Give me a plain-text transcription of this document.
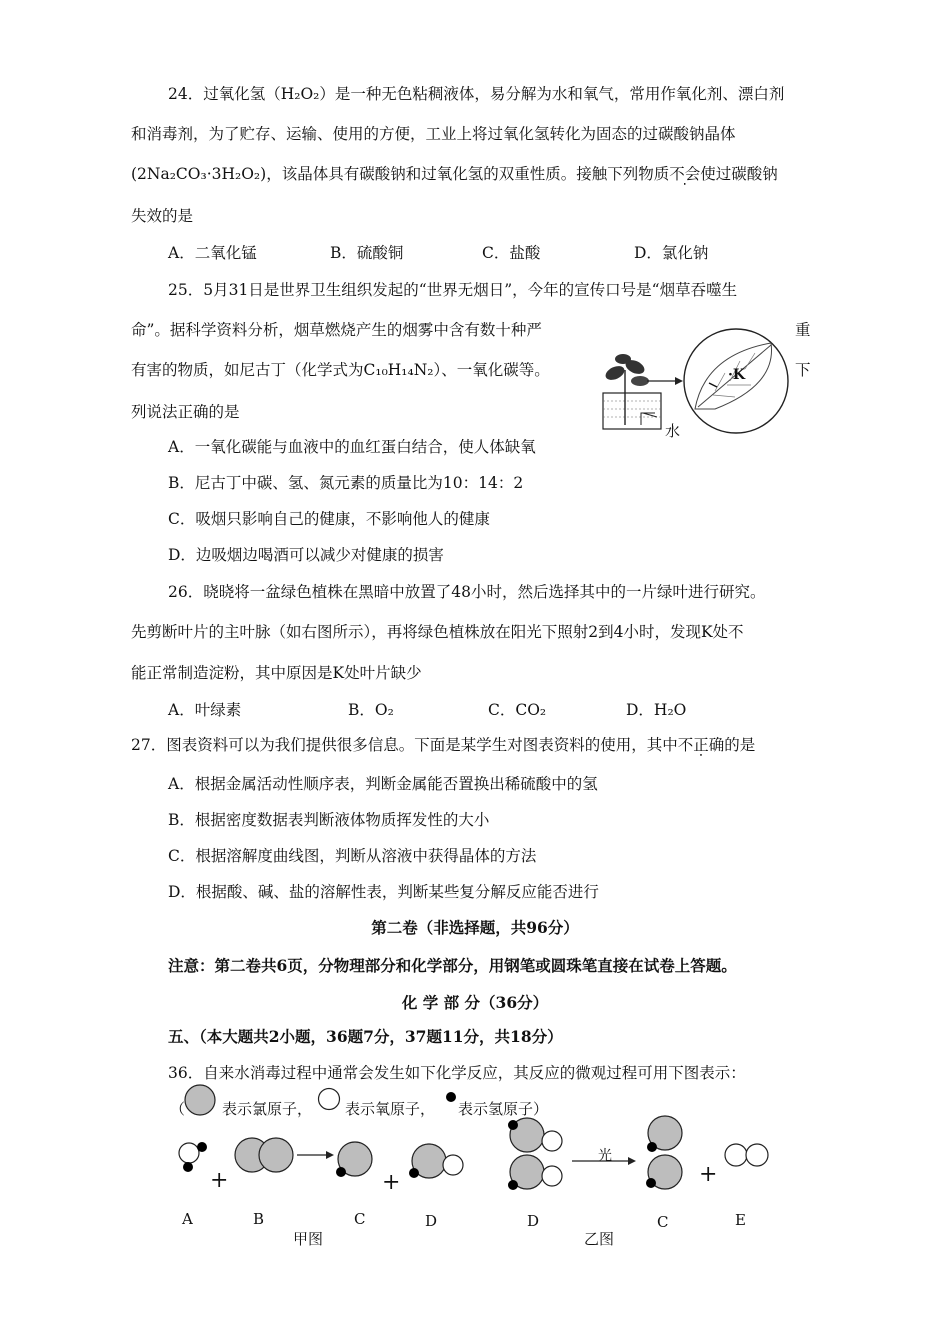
24．过氧化氢（H₂O₂）是一种无色粘稠液体，易分解为水和氧气，常用作氧化剂、漂白剂
和消毒剂，为了贮存、运输、使用的方便，工业上将过氧化氢转化为固态的过碳酸钠晶体
(2Na₂CO₃·3H₂O₂)，该晶体具有碳酸钠和过氧化氢的双重性质。接触下列物质不会使过碳酸钠
失效的是
A．二氧化锰	B．硫酸铜	C．盐酸	D．氯化钠
25．5月31日是世界卫生组织发起的“世界无烟日”，今年的宣传口号是“烟草吞噬生
命”。据科学资料分析，烟草燃烧产生的烟雾中含有数十种严	重
有害的物质，如尼古丁（化学式为C₁₀H₁₄N₂）、一氧化碳等。	下
列说法正确的是
水
·K
A．一氧化碳能与血液中的血红蛋白结合，使人体缺氧
B．尼古丁中碳、氢、氮元素的质量比为10：14：2
C．吸烟只影响自己的健康，不影响他人的健康
D．边吸烟边喝酒可以减少对健康的损害
26．晓晓将一盆绿色植株在黑暗中放置了48小时，然后选择其中的一片绿叶进行研究。
先剪断叶片的主叶脉（如右图所示），再将绿色植株放在阳光下照射2到4小时，发现K处不
能正常制造淀粉，其中原因是K处叶片缺少
A．叶绿素	B．O₂	C．CO₂	D．H₂O
27．图表资料可以为我们提供很多信息。下面是某学生对图表资料的使用，其中不正确的是
A．根据金属活动性顺序表，判断金属能否置换出稀硫酸中的氢
B．根据密度数据表判断液体物质挥发性的大小
C．根据溶解度曲线图，判断从溶液中获得晶体的方法
D．根据酸、碱、盐的溶解性表，判断某些复分解反应能否进行
第二卷（非选择题，共96分）
注意：第二卷共6页，分物理部分和化学部分，用钢笔或圆珠笔直接在试卷上答题。
化 学 部 分（36分）
五、（本大题共2小题，36题7分，37题11分，共18分）
36．自来水消毒过程中通常会发生如下化学反应，其反应的微观过程可用下图表示：
（ 表示氯原子， 表示氧原子， 表示氢原子）
+	+	+
光
A	B	C	D	D	C	E
甲图	乙图
